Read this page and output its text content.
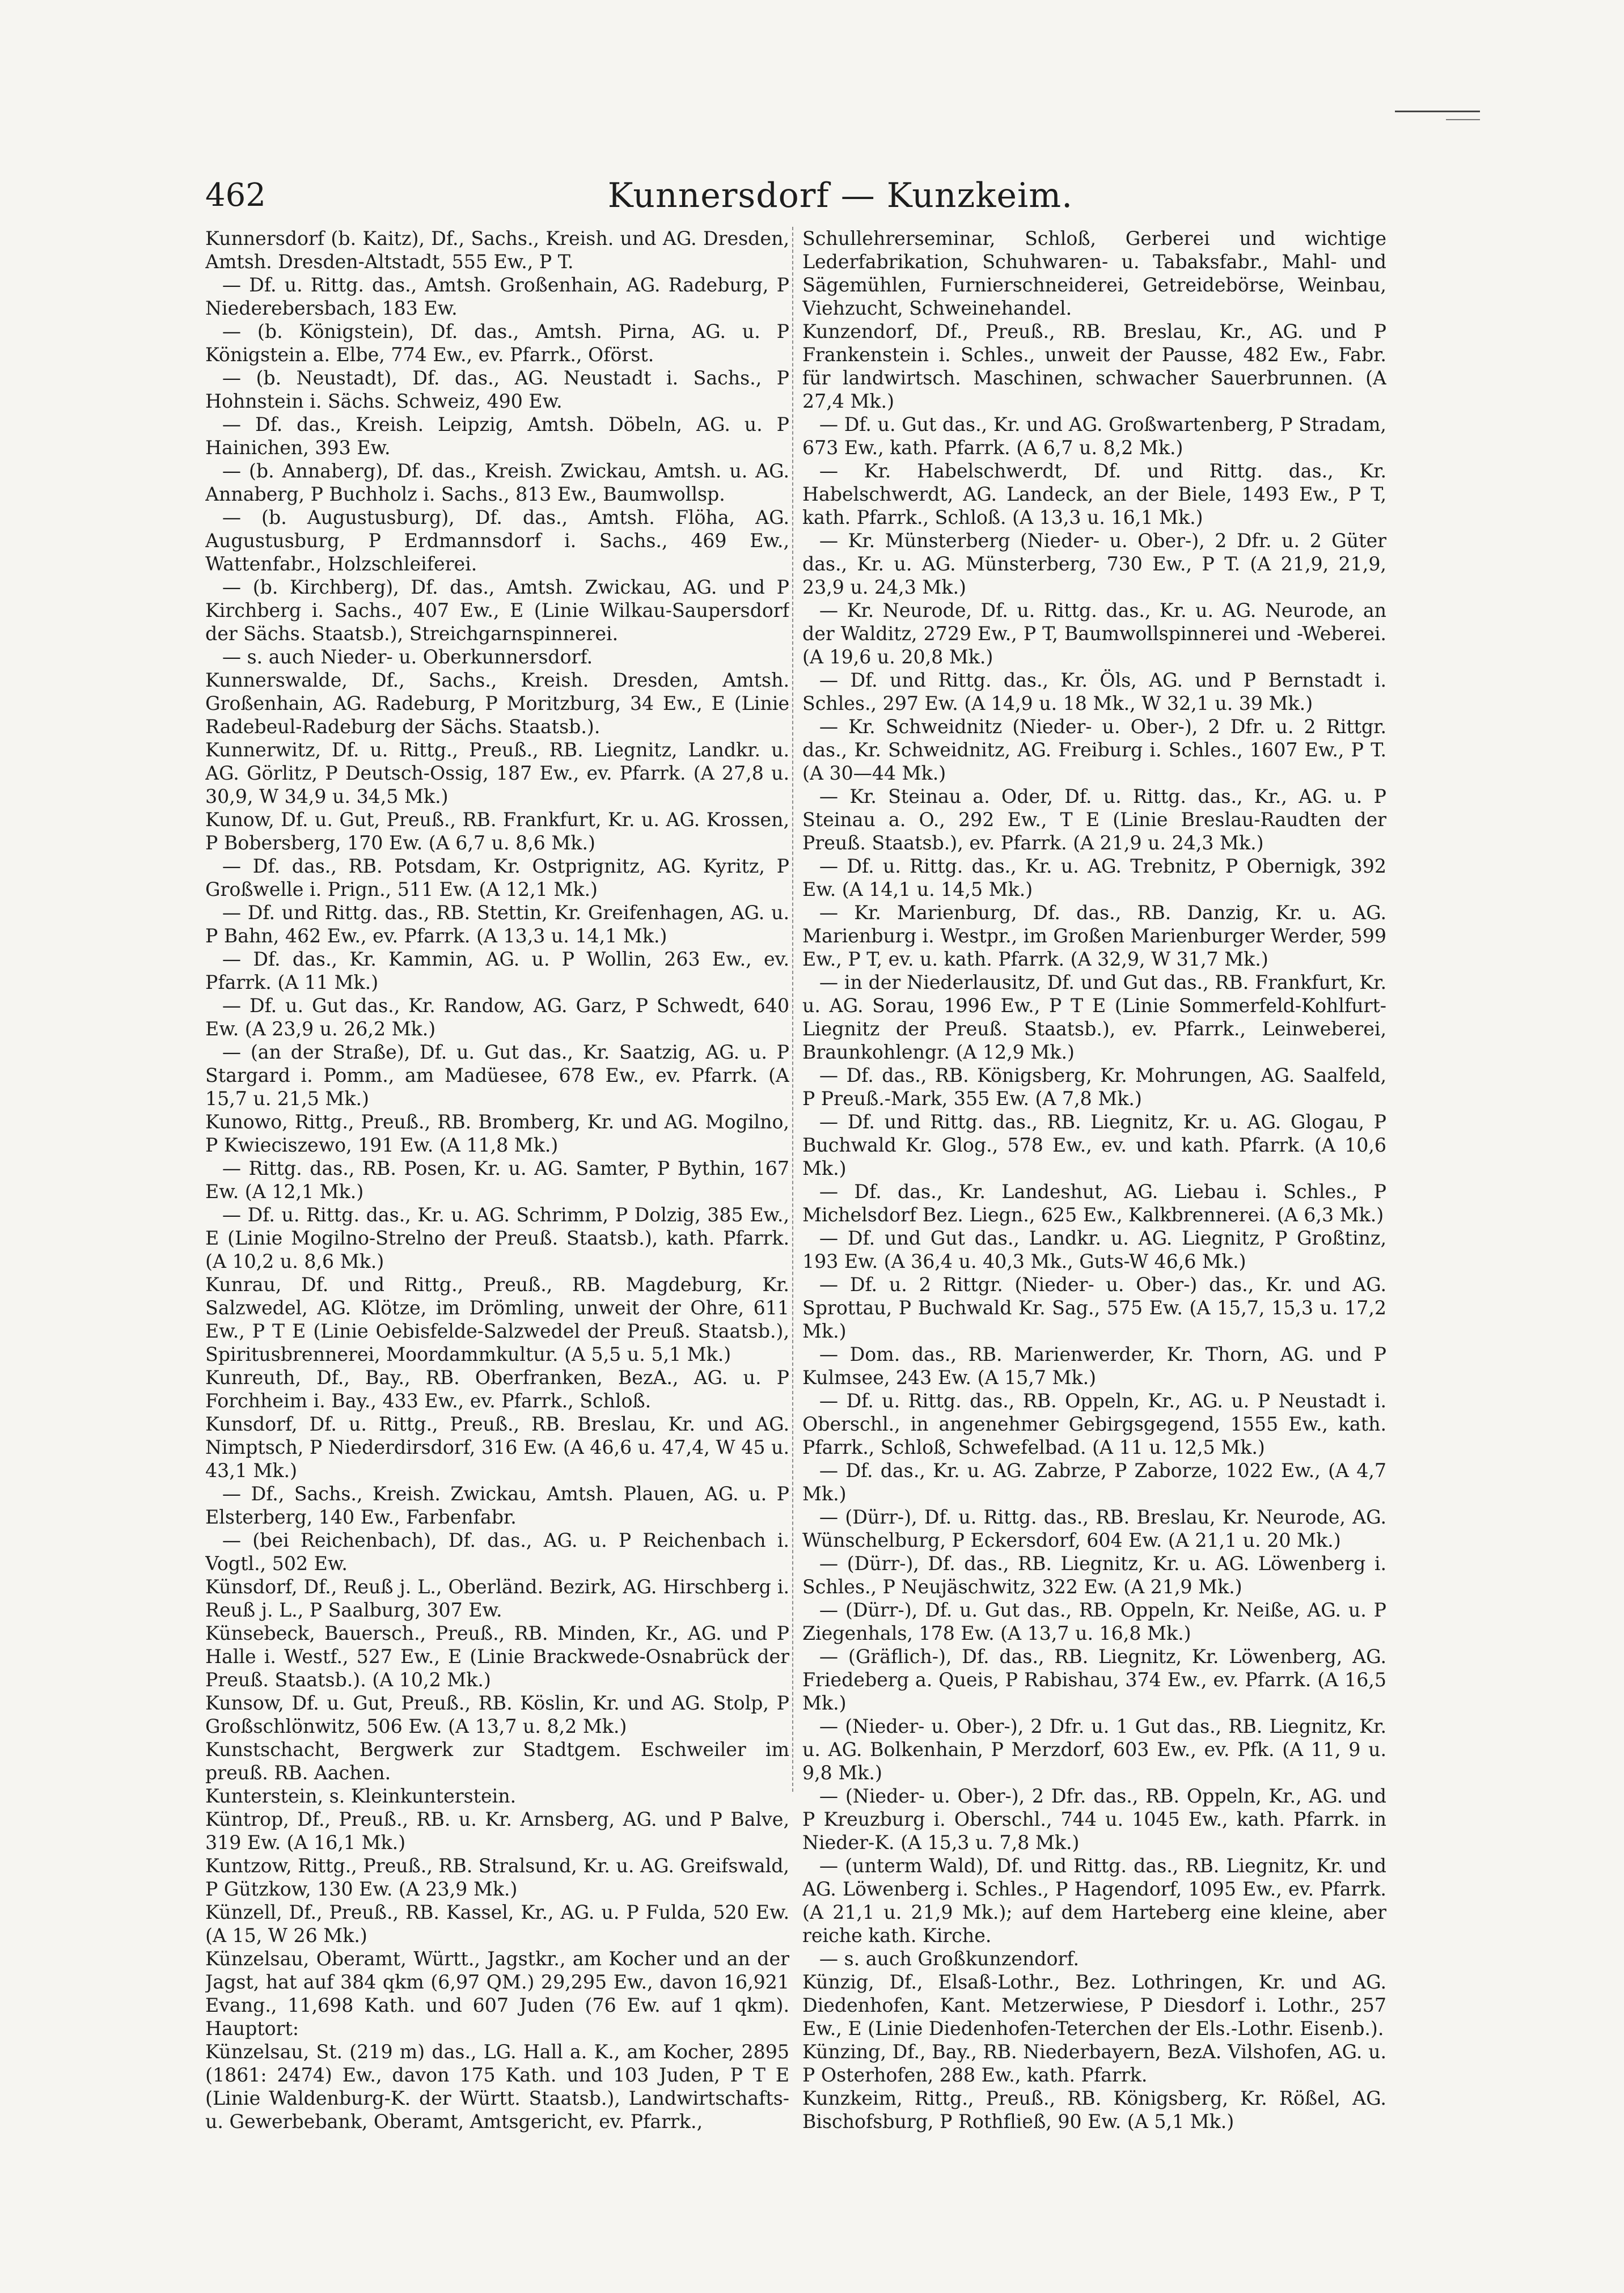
462	Kunnersdorf — Kunzkeim.

Kunnersdorf (b. Kaitz), Df., Sachs., Kreish. und AG. Dresden, Amtsh. Dresden-Altstadt, 555 Ew., P T.

— Df. u. Rittg. das., Amtsh. Großenhain, AG. Radeburg, P Niederebersbach, 183 Ew.

— (b. Königstein), Df. das., Amtsh. Pirna, AG. u. P Königstein a. Elbe, 774 Ew., ev. Pfarrk., Oförst.

— (b. Neustadt), Df. das., AG. Neustadt i. Sachs., P Hohnstein i. Sächs. Schweiz, 490 Ew.

— Df. das., Kreish. Leipzig, Amtsh. Döbeln, AG. u. P Hainichen, 393 Ew.

— (b. Annaberg), Df. das., Kreish. Zwickau, Amtsh. u. AG. Annaberg, P Buchholz i. Sachs., 813 Ew., Baumwollsp.

— (b. Augustusburg), Df. das., Amtsh. Flöha, AG. Augustusburg, P Erdmannsdorf i. Sachs., 469 Ew., Wattenfabr., Holzschleiferei.

— (b. Kirchberg), Df. das., Amtsh. Zwickau, AG. und P Kirchberg i. Sachs., 407 Ew., E (Linie Wilkau-Saupersdorf der Sächs. Staatsb.), Streichgarnspinnerei.

— s. auch Nieder- u. Oberkunnersdorf.

Kunnerswalde, Df., Sachs., Kreish. Dresden, Amtsh. Großenhain, AG. Radeburg, P Moritzburg, 34 Ew., E (Linie Radebeul-Radeburg der Sächs. Staatsb.).

Kunnerwitz, Df. u. Rittg., Preuß., RB. Liegnitz, Landkr. u. AG. Görlitz, P Deutsch-Ossig, 187 Ew., ev. Pfarrk. (A 27,8 u. 30,9, W 34,9 u. 34,5 Mk.)

Kunow, Df. u. Gut, Preuß., RB. Frankfurt, Kr. u. AG. Krossen, P Bobersberg, 170 Ew. (A 6,7 u. 8,6 Mk.)

— Df. das., RB. Potsdam, Kr. Ostprignitz, AG. Kyritz, P Großwelle i. Prign., 511 Ew. (A 12,1 Mk.)

— Df. und Rittg. das., RB. Stettin, Kr. Greifenhagen, AG. u. P Bahn, 462 Ew., ev. Pfarrk. (A 13,3 u. 14,1 Mk.)

— Df. das., Kr. Kammin, AG. u. P Wollin, 263 Ew., ev. Pfarrk. (A 11 Mk.)

— Df. u. Gut das., Kr. Randow, AG. Garz, P Schwedt, 640 Ew. (A 23,9 u. 26,2 Mk.)

— (an der Straße), Df. u. Gut das., Kr. Saatzig, AG. u. P Stargard i. Pomm., am Madüesee, 678 Ew., ev. Pfarrk. (A 15,7 u. 21,5 Mk.)

Kunowo, Rittg., Preuß., RB. Bromberg, Kr. und AG. Mogilno, P Kwieciszewo, 191 Ew. (A 11,8 Mk.)

— Rittg. das., RB. Posen, Kr. u. AG. Samter, P Bythin, 167 Ew. (A 12,1 Mk.)

— Df. u. Rittg. das., Kr. u. AG. Schrimm, P Dolzig, 385 Ew., E (Linie Mogilno-Strelno der Preuß. Staatsb.), kath. Pfarrk. (A 10,2 u. 8,6 Mk.)

Kunrau, Df. und Rittg., Preuß., RB. Magdeburg, Kr. Salzwedel, AG. Klötze, im Drömling, unweit der Ohre, 611 Ew., P T E (Linie Oebisfelde-Salzwedel der Preuß. Staatsb.), Spiritusbrennerei, Moordammkultur. (A 5,5 u. 5,1 Mk.)

Kunreuth, Df., Bay., RB. Oberfranken, BezA., AG. u. P Forchheim i. Bay., 433 Ew., ev. Pfarrk., Schloß.

Kunsdorf, Df. u. Rittg., Preuß., RB. Breslau, Kr. und AG. Nimptsch, P Niederdirsdorf, 316 Ew. (A 46,6 u. 47,4, W 45 u. 43,1 Mk.)

— Df., Sachs., Kreish. Zwickau, Amtsh. Plauen, AG. u. P Elsterberg, 140 Ew., Farbenfabr.

— (bei Reichenbach), Df. das., AG. u. P Reichenbach i. Vogtl., 502 Ew.

Künsdorf, Df., Reuß j. L., Oberländ. Bezirk, AG. Hirschberg i. Reuß j. L., P Saalburg, 307 Ew.

Künsebeck, Bauersch., Preuß., RB. Minden, Kr., AG. und P Halle i. Westf., 527 Ew., E (Linie Brackwede-Osnabrück der Preuß. Staatsb.). (A 10,2 Mk.)

Kunsow, Df. u. Gut, Preuß., RB. Köslin, Kr. und AG. Stolp, P Großschlönwitz, 506 Ew. (A 13,7 u. 8,2 Mk.)

Kunstschacht, Bergwerk zur Stadtgem. Eschweiler im preuß. RB. Aachen.

Kunterstein, s. Kleinkunterstein.

Küntrop, Df., Preuß., RB. u. Kr. Arnsberg, AG. und P Balve, 319 Ew. (A 16,1 Mk.)

Kuntzow, Rittg., Preuß., RB. Stralsund, Kr. u. AG. Greifswald, P Gützkow, 130 Ew. (A 23,9 Mk.)

Künzell, Df., Preuß., RB. Kassel, Kr., AG. u. P Fulda, 520 Ew. (A 15, W 26 Mk.)

Künzelsau, Oberamt, Württ., Jagstkr., am Kocher und an der Jagst, hat auf 384 qkm (6,97 QM.) 29,295 Ew., davon 16,921 Evang., 11,698 Kath. und 607 Juden (76 Ew. auf 1 qkm). Hauptort:

Künzelsau, St. (219 m) das., LG. Hall a. K., am Kocher, 2895 (1861: 2474) Ew., davon 175 Kath. und 103 Juden, P T E (Linie Waldenburg-K. der Württ. Staatsb.), Landwirtschafts- u. Gewerbebank, Oberamt, Amtsgericht, ev. Pfarrk.,

Schullehrerseminar, Schloß, Gerberei und wichtige Lederfabrikation, Schuhwaren- u. Tabaksfabr., Mahl- und Sägemühlen, Furnierschneiderei, Getreidebörse, Weinbau, Viehzucht, Schweinehandel.

Kunzendorf, Df., Preuß., RB. Breslau, Kr., AG. und P Frankenstein i. Schles., unweit der Pausse, 482 Ew., Fabr. für landwirtsch. Maschinen, schwacher Sauerbrunnen. (A 27,4 Mk.)

— Df. u. Gut das., Kr. und AG. Großwartenberg, P Stradam, 673 Ew., kath. Pfarrk. (A 6,7 u. 8,2 Mk.)

— Kr. Habelschwerdt, Df. und Rittg. das., Kr. Habelschwerdt, AG. Landeck, an der Biele, 1493 Ew., P T, kath. Pfarrk., Schloß. (A 13,3 u. 16,1 Mk.)

— Kr. Münsterberg (Nieder- u. Ober-), 2 Dfr. u. 2 Güter das., Kr. u. AG. Münsterberg, 730 Ew., P T. (A 21,9, 21,9, 23,9 u. 24,3 Mk.)

— Kr. Neurode, Df. u. Rittg. das., Kr. u. AG. Neurode, an der Walditz, 2729 Ew., P T, Baumwollspinnerei und -Weberei. (A 19,6 u. 20,8 Mk.)

— Df. und Rittg. das., Kr. Öls, AG. und P Bernstadt i. Schles., 297 Ew. (A 14,9 u. 18 Mk., W 32,1 u. 39 Mk.)

— Kr. Schweidnitz (Nieder- u. Ober-), 2 Dfr. u. 2 Rittgr. das., Kr. Schweidnitz, AG. Freiburg i. Schles., 1607 Ew., P T. (A 30—44 Mk.)

— Kr. Steinau a. Oder, Df. u. Rittg. das., Kr., AG. u. P Steinau a. O., 292 Ew., T E (Linie Breslau-Raudten der Preuß. Staatsb.), ev. Pfarrk. (A 21,9 u. 24,3 Mk.)

— Df. u. Rittg. das., Kr. u. AG. Trebnitz, P Obernigk, 392 Ew. (A 14,1 u. 14,5 Mk.)

— Kr. Marienburg, Df. das., RB. Danzig, Kr. u. AG. Marienburg i. Westpr., im Großen Marienburger Werder, 599 Ew., P T, ev. u. kath. Pfarrk. (A 32,9, W 31,7 Mk.)

— in der Niederlausitz, Df. und Gut das., RB. Frankfurt, Kr. u. AG. Sorau, 1996 Ew., P T E (Linie Sommerfeld-Kohlfurt-Liegnitz der Preuß. Staatsb.), ev. Pfarrk., Leinweberei, Braunkohlengr. (A 12,9 Mk.)

— Df. das., RB. Königsberg, Kr. Mohrungen, AG. Saalfeld, P Preuß.-Mark, 355 Ew. (A 7,8 Mk.)

— Df. und Rittg. das., RB. Liegnitz, Kr. u. AG. Glogau, P Buchwald Kr. Glog., 578 Ew., ev. und kath. Pfarrk. (A 10,6 Mk.)

— Df. das., Kr. Landeshut, AG. Liebau i. Schles., P Michelsdorf Bez. Liegn., 625 Ew., Kalkbrennerei. (A 6,3 Mk.)

— Df. und Gut das., Landkr. u. AG. Liegnitz, P Großtinz, 193 Ew. (A 36,4 u. 40,3 Mk., Guts-W 46,6 Mk.)

— Df. u. 2 Rittgr. (Nieder- u. Ober-) das., Kr. und AG. Sprottau, P Buchwald Kr. Sag., 575 Ew. (A 15,7, 15,3 u. 17,2 Mk.)

— Dom. das., RB. Marienwerder, Kr. Thorn, AG. und P Kulmsee, 243 Ew. (A 15,7 Mk.)

— Df. u. Rittg. das., RB. Oppeln, Kr., AG. u. P Neustadt i. Oberschl., in angenehmer Gebirgsgegend, 1555 Ew., kath. Pfarrk., Schloß, Schwefelbad. (A 11 u. 12,5 Mk.)

— Df. das., Kr. u. AG. Zabrze, P Zaborze, 1022 Ew., (A 4,7 Mk.)

— (Dürr-), Df. u. Rittg. das., RB. Breslau, Kr. Neurode, AG. Wünschelburg, P Eckersdorf, 604 Ew. (A 21,1 u. 20 Mk.)

— (Dürr-), Df. das., RB. Liegnitz, Kr. u. AG. Löwenberg i. Schles., P Neujäschwitz, 322 Ew. (A 21,9 Mk.)

— (Dürr-), Df. u. Gut das., RB. Oppeln, Kr. Neiße, AG. u. P Ziegenhals, 178 Ew. (A 13,7 u. 16,8 Mk.)

— (Gräflich-), Df. das., RB. Liegnitz, Kr. Löwenberg, AG. Friedeberg a. Queis, P Rabishau, 374 Ew., ev. Pfarrk. (A 16,5 Mk.)

— (Nieder- u. Ober-), 2 Dfr. u. 1 Gut das., RB. Liegnitz, Kr. u. AG. Bolkenhain, P Merzdorf, 603 Ew., ev. Pfk. (A 11, 9 u. 9,8 Mk.)

— (Nieder- u. Ober-), 2 Dfr. das., RB. Oppeln, Kr., AG. und P Kreuzburg i. Oberschl., 744 u. 1045 Ew., kath. Pfarrk. in Nieder-K. (A 15,3 u. 7,8 Mk.)

— (unterm Wald), Df. und Rittg. das., RB. Liegnitz, Kr. und AG. Löwenberg i. Schles., P Hagendorf, 1095 Ew., ev. Pfarrk. (A 21,1 u. 21,9 Mk.); auf dem Harteberg eine kleine, aber reiche kath. Kirche.

— s. auch Großkunzendorf.

Künzig, Df., Elsaß-Lothr., Bez. Lothringen, Kr. und AG. Diedenhofen, Kant. Metzerwiese, P Diesdorf i. Lothr., 257 Ew., E (Linie Diedenhofen-Teterchen der Els.-Lothr. Eisenb.).

Künzing, Df., Bay., RB. Niederbayern, BezA. Vilshofen, AG. u. P Osterhofen, 288 Ew., kath. Pfarrk.

Kunzkeim, Rittg., Preuß., RB. Königsberg, Kr. Rößel, AG. Bischofsburg, P Rothfließ, 90 Ew. (A 5,1 Mk.)
